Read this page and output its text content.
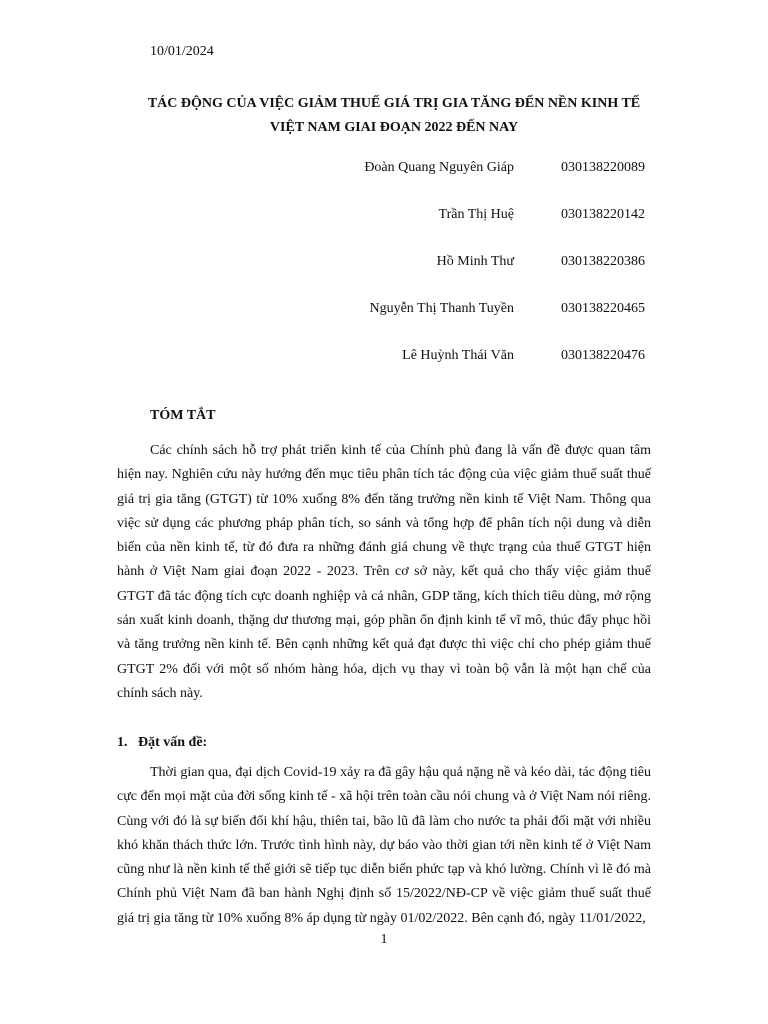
10/01/2024
TÁC ĐỘNG CỦA VIỆC GIẢM THUẾ GIÁ TRỊ GIA TĂNG ĐẾN NỀN KINH TẾ VIỆT NAM GIAI ĐOẠN 2022 ĐẾN NAY
Đoàn Quang Nguyên Giáp	030138220089
Trần Thị Huệ	030138220142
Hồ Minh Thư	030138220386
Nguyễn Thị Thanh Tuyền	030138220465
Lê Huỳnh Thái Văn	030138220476
TÓM TẮT

Các chính sách hỗ trợ phát triển kinh tế của Chính phủ đang là vấn đề được quan tâm hiện nay. Nghiên cứu này hướng đến mục tiêu phân tích tác động của việc giảm thuế suất thuế giá trị gia tăng (GTGT) từ 10% xuống 8% đến tăng trưởng nền kinh tế Việt Nam. Thông qua việc sử dụng các phương pháp phân tích, so sánh và tổng hợp để phân tích nội dung và diễn biến của nền kinh tế, từ đó đưa ra những đánh giá chung về thực trạng của thuế GTGT hiện hành ở Việt Nam giai đoạn 2022 - 2023. Trên cơ sở này, kết quả cho thấy việc giảm thuế GTGT đã tác động tích cực doanh nghiệp và cá nhân, GDP tăng, kích thích tiêu dùng, mở rộng sản xuất kinh doanh, thặng dư thương mại, góp phần ổn định kinh tế vĩ mô, thúc đẩy phục hồi và tăng trưởng nền kinh tế. Bên cạnh những kết quả đạt được thì việc chỉ cho phép giảm thuế GTGT 2% đối với một số nhóm hàng hóa, dịch vụ thay vì toàn bộ vẫn là một hạn chế của chính sách này.

1. Đặt vấn đề:

Thời gian qua, đại dịch Covid-19 xảy ra đã gây hậu quả nặng nề và kéo dài, tác động tiêu cực đến mọi mặt của đời sống kinh tế - xã hội trên toàn cầu nói chung và ở Việt Nam nói riêng. Cùng với đó là sự biến đổi khí hậu, thiên tai, bão lũ đã làm cho nước ta phải đối mặt với nhiều khó khăn thách thức lớn. Trước tình hình này, dự báo vào thời gian tới nền kinh tế ở Việt Nam cũng như là nền kinh tế thế giới sẽ tiếp tục diễn biến phức tạp và khó lường. Chính vì lẽ đó mà Chính phủ Việt Nam đã ban hành Nghị định số 15/2022/NĐ-CP về việc giảm thuế suất thuế giá trị gia tăng từ 10% xuống 8% áp dụng từ ngày 01/02/2022. Bên cạnh đó, ngày 11/01/2022,

1
